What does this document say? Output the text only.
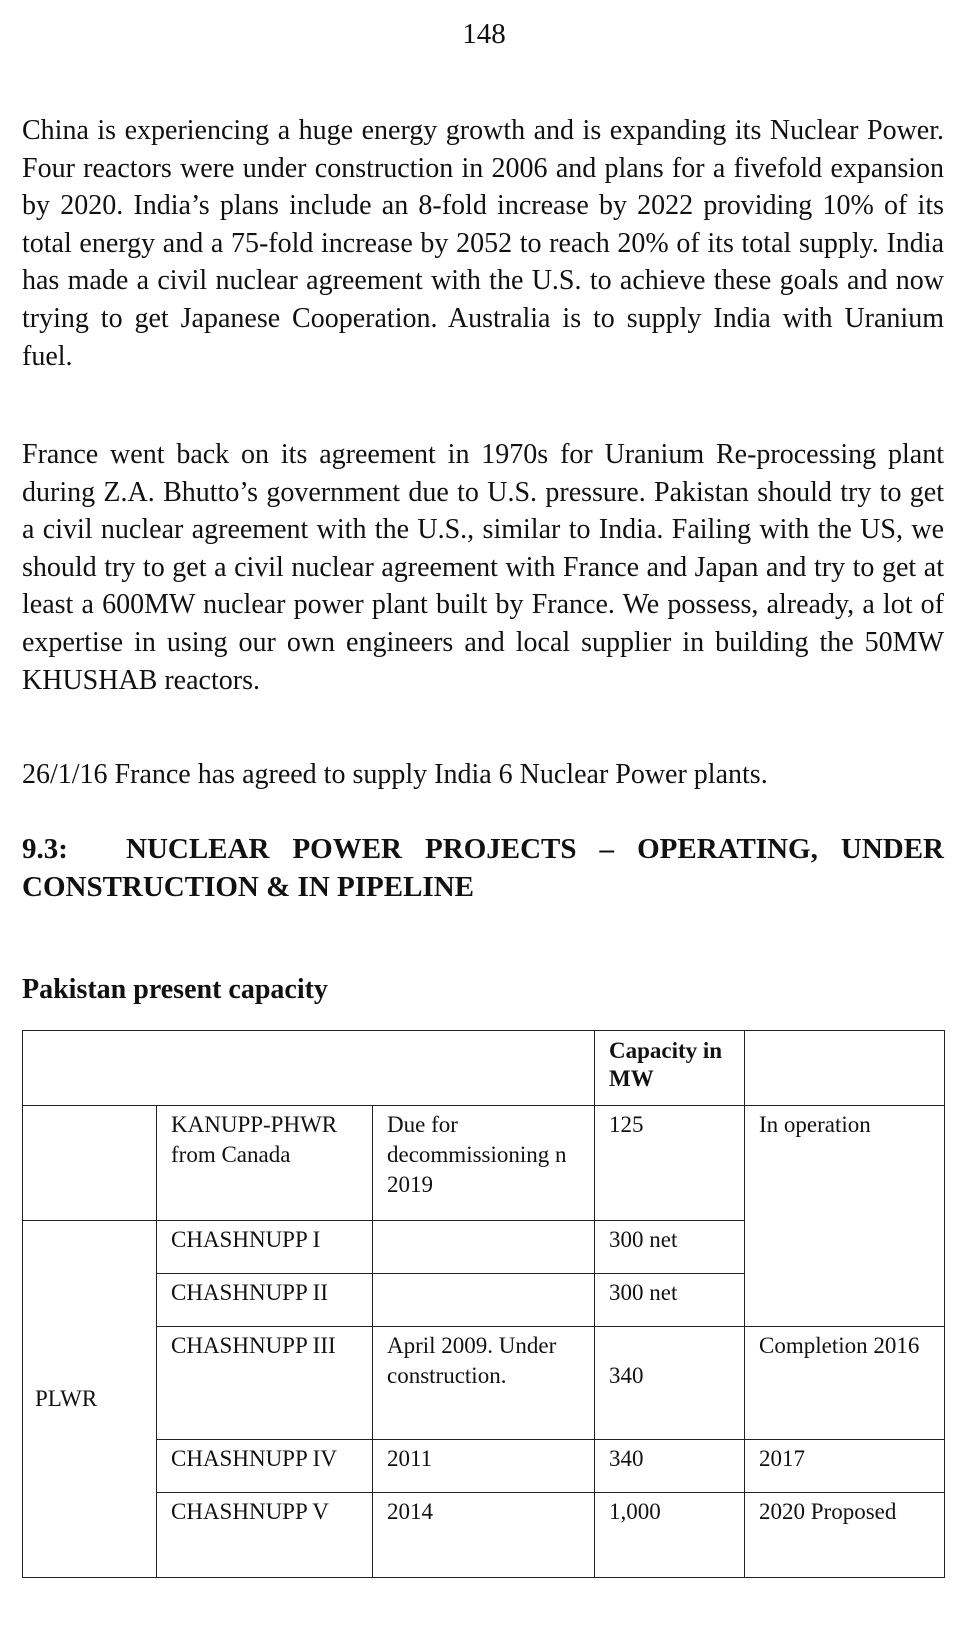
148

China is experiencing a huge energy growth and is expanding its Nuclear Power. Four reactors were under construction in 2006 and plans for a fivefold expansion by 2020. India’s plans include an 8-fold increase by 2022 providing 10% of its total energy and a 75-fold increase by 2052 to reach 20% of its total supply. India has made a civil nuclear agreement with the U.S. to achieve these goals and now trying to get Japanese Cooperation. Australia is to supply India with Uranium fuel.

France went back on its agreement in 1970s for Uranium Re-processing plant during Z.A. Bhutto’s government due to U.S. pressure. Pakistan should try to get a civil nuclear agreement with the U.S., similar to India. Failing with the US, we should try to get a civil nuclear agreement with France and Japan and try to get at least a 600MW nuclear power plant built by France. We possess, already, a lot of expertise in using our own engineers and local supplier in building the 50MW KHUSHAB reactors.

26/1/16 France has agreed to supply India 6 Nuclear Power plants.

9.3: NUCLEAR POWER PROJECTS – OPERATING, UNDER CONSTRUCTION & IN PIPELINE
Pakistan present capacity
			Capacity in MW	
	KANUPP-PHWR from Canada	Due for decommissioning n 2019	125	In operation
PLWR	CHASHNUPP I		300 net	
	CHASHNUPP II		300 net	
	CHASHNUPP III	April 2009. Under construction.	340	Completion 2016
	CHASHNUPP IV	2011	340	2017
	CHASHNUPP V	2014	1,000	2020 Proposed
